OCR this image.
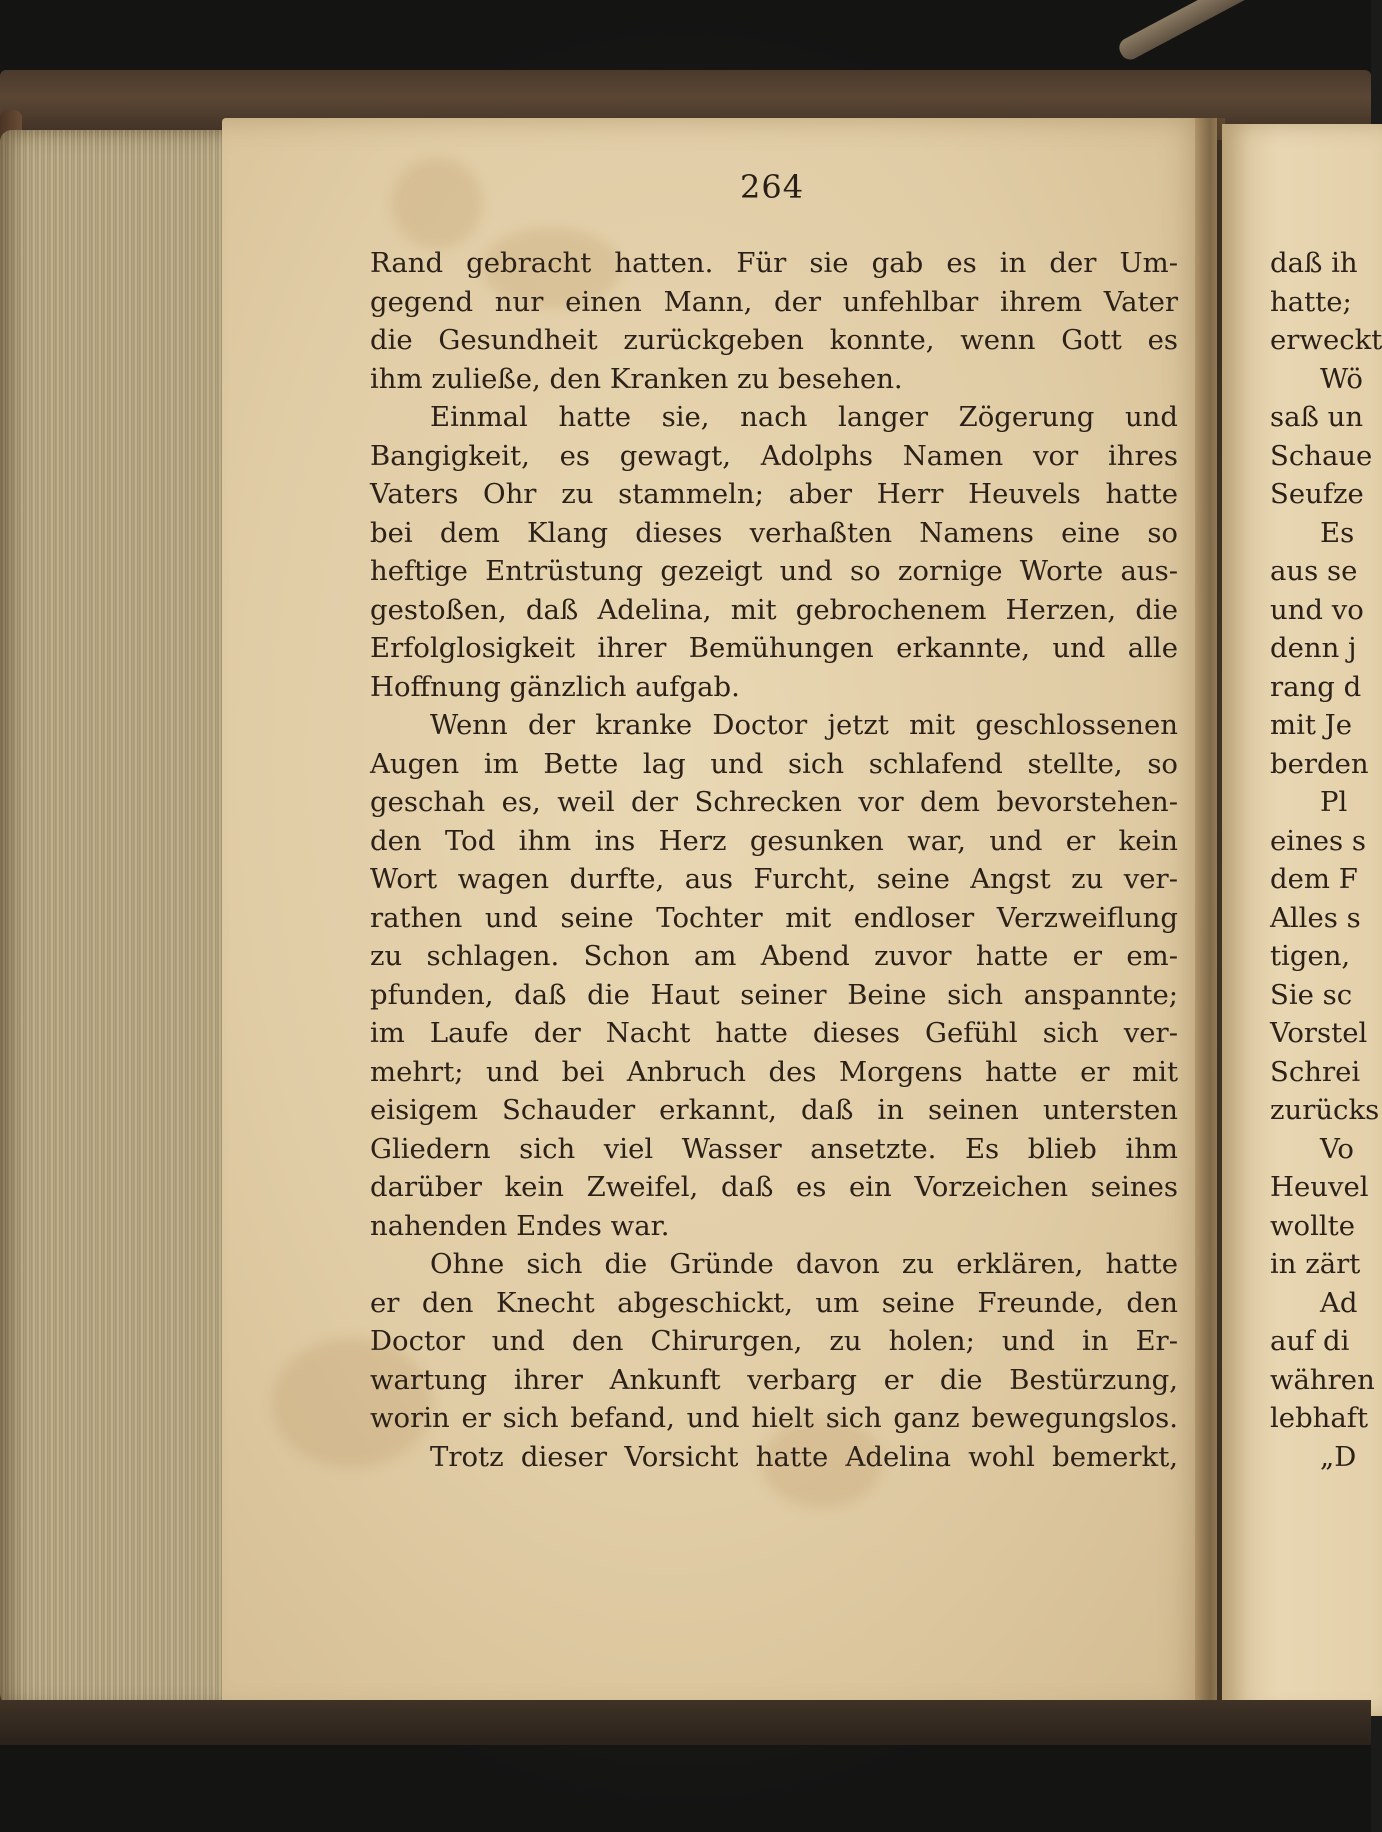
264
Rand gebracht hatten. Für sie gab es in der Um-
gegend nur einen Mann, der unfehlbar ihrem Vater
die Gesundheit zurückgeben konnte, wenn Gott es
ihm zuließe, den Kranken zu besehen.
Einmal hatte sie, nach langer Zögerung und
Bangigkeit, es gewagt, Adolphs Namen vor ihres
Vaters Ohr zu stammeln; aber Herr Heuvels hatte
bei dem Klang dieses verhaßten Namens eine so
heftige Entrüstung gezeigt und so zornige Worte aus-
gestoßen, daß Adelina, mit gebrochenem Herzen, die
Erfolglosigkeit ihrer Bemühungen erkannte, und alle
Hoffnung gänzlich aufgab.
Wenn der kranke Doctor jetzt mit geschlossenen
Augen im Bette lag und sich schlafend stellte, so
geschah es, weil der Schrecken vor dem bevorstehen-
den Tod ihm ins Herz gesunken war, und er kein
Wort wagen durfte, aus Furcht, seine Angst zu ver-
rathen und seine Tochter mit endloser Verzweiflung
zu schlagen. Schon am Abend zuvor hatte er em-
pfunden, daß die Haut seiner Beine sich anspannte;
im Laufe der Nacht hatte dieses Gefühl sich ver-
mehrt; und bei Anbruch des Morgens hatte er mit
eisigem Schauder erkannt, daß in seinen untersten
Gliedern sich viel Wasser ansetzte. Es blieb ihm
darüber kein Zweifel, daß es ein Vorzeichen seines
nahenden Endes war.
Ohne sich die Gründe davon zu erklären, hatte
er den Knecht abgeschickt, um seine Freunde, den
Doctor und den Chirurgen, zu holen; und in Er-
wartung ihrer Ankunft verbarg er die Bestürzung,
worin er sich befand, und hielt sich ganz bewegungslos.
Trotz dieser Vorsicht hatte Adelina wohl bemerkt,
daß ih
hatte;
erweckt
Wö
saß un
Schaue
Seufze
Es
aus se
und vo
denn j
rang d
mit Je
berden
Pl
eines s
dem F
Alles s
tigen,
Sie sc
Vorstel
Schrei
zurücks
Vo
Heuvel
wollte
in zärt
Ad
auf di
währen
lebhaft
„D
